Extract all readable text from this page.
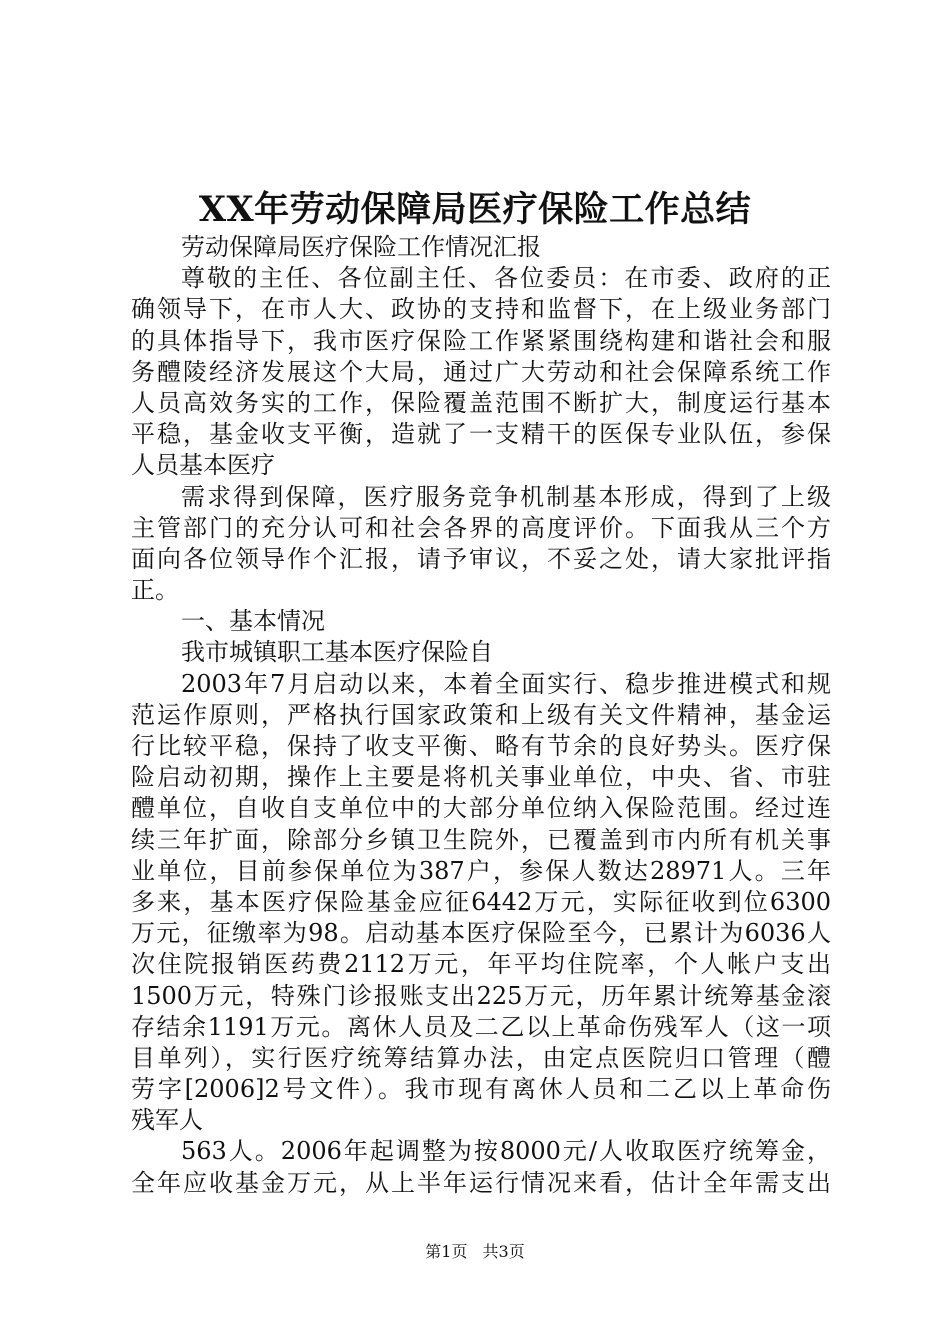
XX年劳动保障局医疗保险工作总结
劳动保障局医疗保险工作情况汇报
尊敬的主任、各位副主任、各位委员：在市委、政府的正
确领导下，在市人大、政协的支持和监督下，在上级业务部门
的具体指导下，我市医疗保险工作紧紧围绕构建和谐社会和服
务醴陵经济发展这个大局，通过广大劳动和社会保障系统工作
人员高效务实的工作，保险覆盖范围不断扩大，制度运行基本
平稳，基金收支平衡，造就了一支精干的医保专业队伍，参保
人员基本医疗
需求得到保障，医疗服务竞争机制基本形成，得到了上级
主管部门的充分认可和社会各界的高度评价。下面我从三个方
面向各位领导作个汇报，请予审议，不妥之处，请大家批评指
正。
一、基本情况
我市城镇职工基本医疗保险自
2003年7月启动以来，本着全面实行、稳步推进模式和规
范运作原则，严格执行国家政策和上级有关文件精神，基金运
行比较平稳，保持了收支平衡、略有节余的良好势头。医疗保
险启动初期，操作上主要是将机关事业单位，中央、省、市驻
醴单位，自收自支单位中的大部分单位纳入保险范围。经过连
续三年扩面，除部分乡镇卫生院外，已覆盖到市内所有机关事
业单位，目前参保单位为387户，参保人数达28971人。三年
多来，基本医疗保险基金应征6442万元，实际征收到位6300
万元，征缴率为98。启动基本医疗保险至今，已累计为6036人
次住院报销医药费2112万元，年平均住院率，个人帐户支出
1500万元，特殊门诊报账支出225万元，历年累计统筹基金滚
存结余1191万元。离休人员及二乙以上革命伤残军人（这一项
目单列），实行医疗统筹结算办法，由定点医院归口管理（醴
劳字[2006]2号文件）。我市现有离休人员和二乙以上革命伤
残军人
563人。2006年起调整为按8000元/人收取医疗统筹金，
全年应收基金万元，从上半年运行情况来看，估计全年需支出
第1页 共3页
